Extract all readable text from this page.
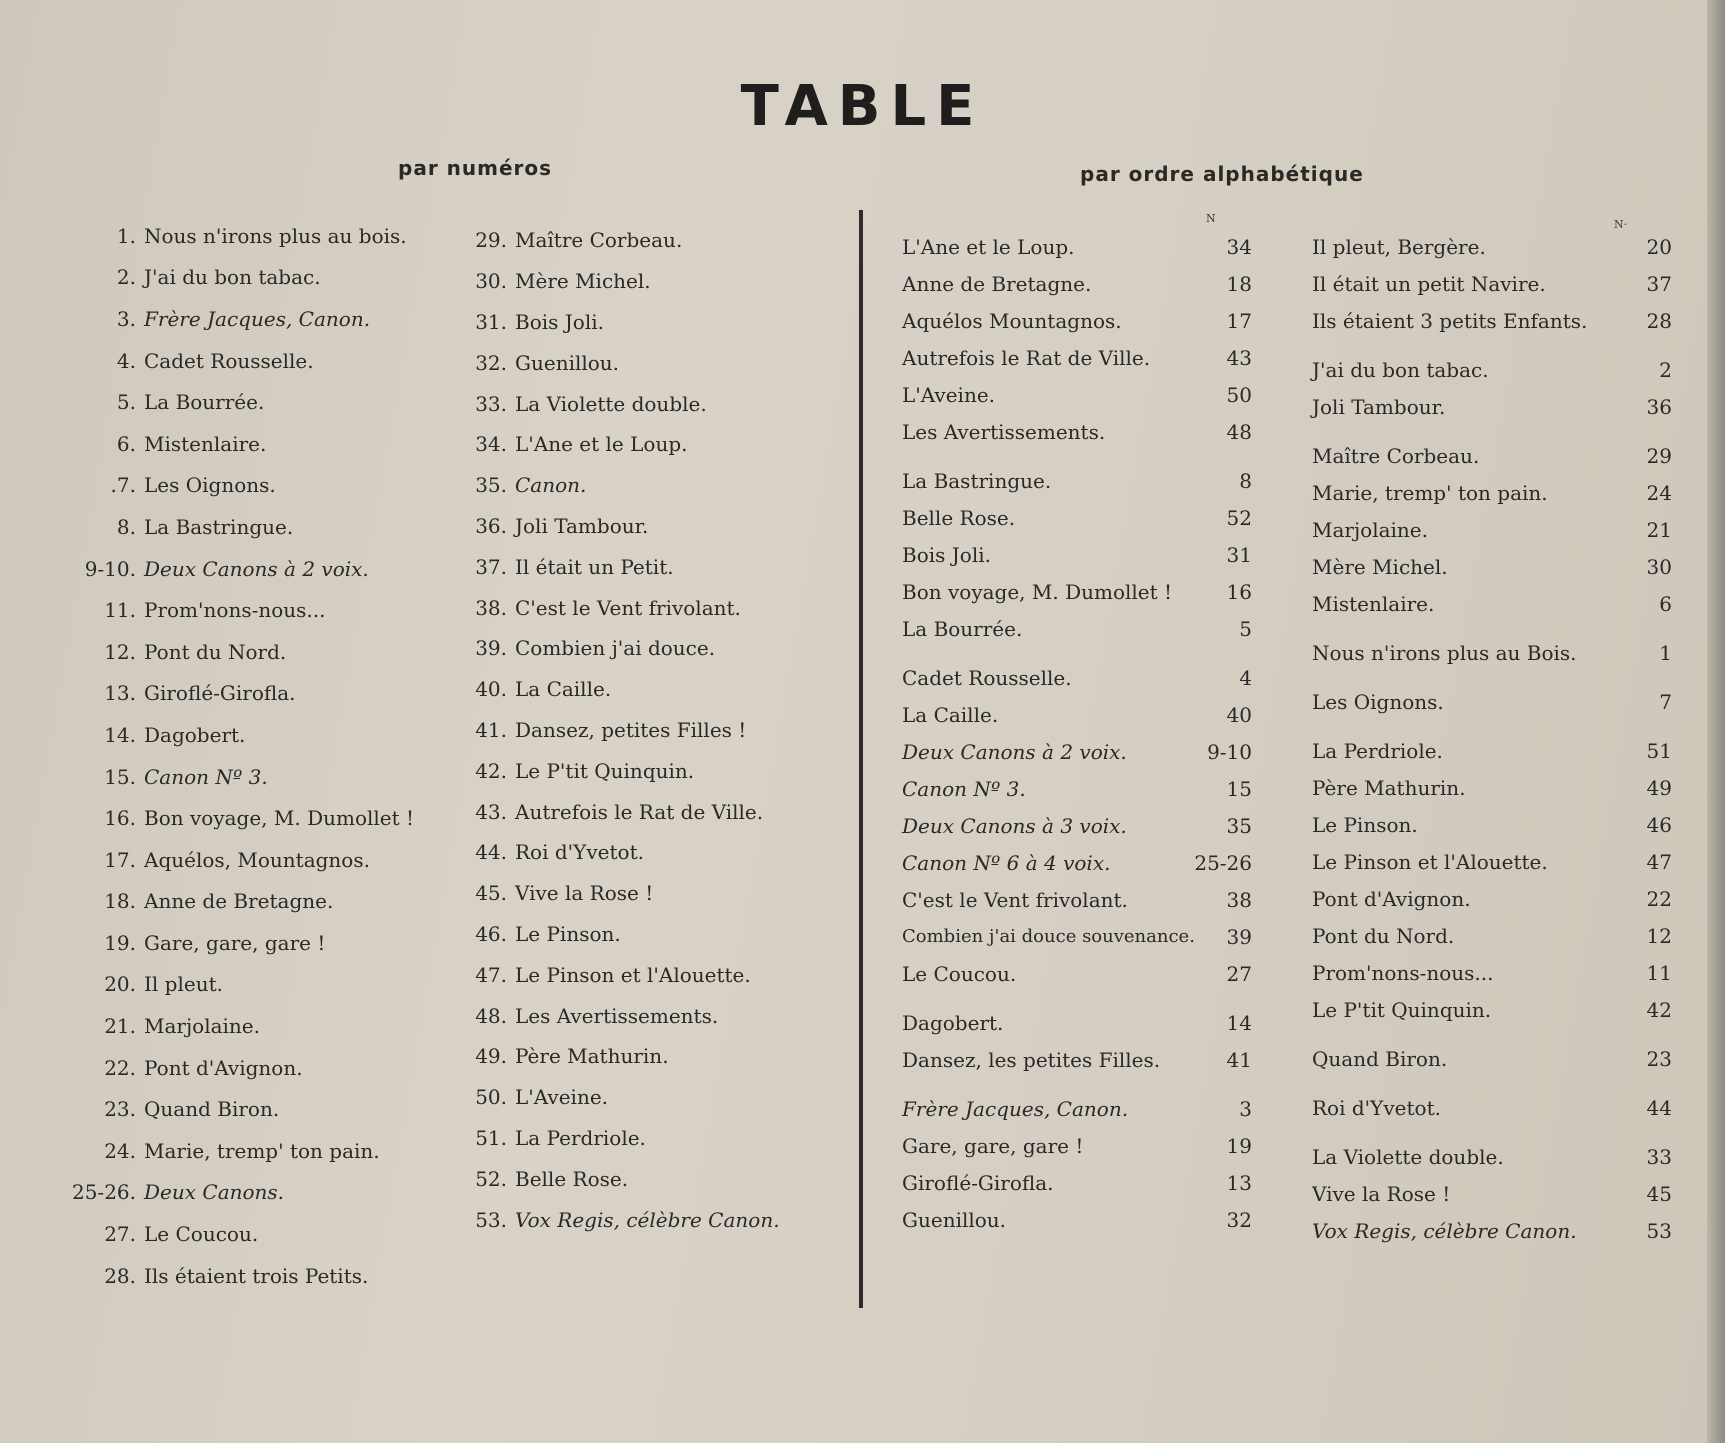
TABLE
par numéros	par ordre alphabétique
N	N·
1. Nous n'irons plus au bois.
2. J'ai du bon tabac.
3. Frère Jacques, Canon.
4. Cadet Rousselle.
5. La Bourrée.
6. Mistenlaire.
.7. Les Oignons.
8. La Bastringue.
9-10. Deux Canons à 2 voix.
11. Prom'nons-nous...
12. Pont du Nord.
13. Giroflé-Girofla.
14. Dagobert.
15. Canon Nº 3.
16. Bon voyage, M. Dumollet !
17. Aquélos, Mountagnos.
18. Anne de Bretagne.
19. Gare, gare, gare !
20. Il pleut.
21. Marjolaine.
22. Pont d'Avignon.
23. Quand Biron.
24. Marie, tremp' ton pain.
25-26. Deux Canons.
27. Le Coucou.
28. Ils étaient trois Petits.
29. Maître Corbeau.
30. Mère Michel.
31. Bois Joli.
32. Guenillou.
33. La Violette double.
34. L'Ane et le Loup.
35. Canon.
36. Joli Tambour.
37. Il était un Petit.
38. C'est le Vent frivolant.
39. Combien j'ai douce.
40. La Caille.
41. Dansez, petites Filles !
42. Le P'tit Quinquin.
43. Autrefois le Rat de Ville.
44. Roi d'Yvetot.
45. Vive la Rose !
46. Le Pinson.
47. Le Pinson et l'Alouette.
48. Les Avertissements.
49. Père Mathurin.
50. L'Aveine.
51. La Perdriole.
52. Belle Rose.
53. Vox Regis, célèbre Canon.
L'Ane et le Loup.	34
Anne de Bretagne.	18
Aquélos Mountagnos.	17
Autrefois le Rat de Ville.	43
L'Aveine.	50
Les Avertissements.	48
La Bastringue.	8
Belle Rose.	52
Bois Joli.	31
Bon voyage, M. Dumollet !	16
La Bourrée.	5
Cadet Rousselle.	4
La Caille.	40
Deux Canons à 2 voix.	9-10
Canon Nº 3.	15
Deux Canons à 3 voix.	35
Canon Nº 6 à 4 voix.	25-26
C'est le Vent frivolant.	38
Combien j'ai douce souvenance. 39
Le Coucou.	27
Dagobert.	14
Dansez, les petites Filles.	41
Frère Jacques, Canon.	3
Gare, gare, gare !	19
Giroflé-Girofla.	13
Guenillou.	32
Il pleut, Bergère.	20
Il était un petit Navire.	37
Ils étaient 3 petits Enfants.	28
J'ai du bon tabac.	2
Joli Tambour.	36
Maître Corbeau.	29
Marie, tremp' ton pain.	24
Marjolaine.	21
Mère Michel.	30
Mistenlaire.	6
Nous n'irons plus au Bois.	1
Les Oignons.	7
La Perdriole.	51
Père Mathurin.	49
Le Pinson.	46
Le Pinson et l'Alouette.	47
Pont d'Avignon.	22
Pont du Nord.	12
Prom'nons-nous...	11
Le P'tit Quinquin.	42
Quand Biron.	23
Roi d'Yvetot.	44
La Violette double.	33
Vive la Rose !	45
Vox Regis, célèbre Canon.	53
